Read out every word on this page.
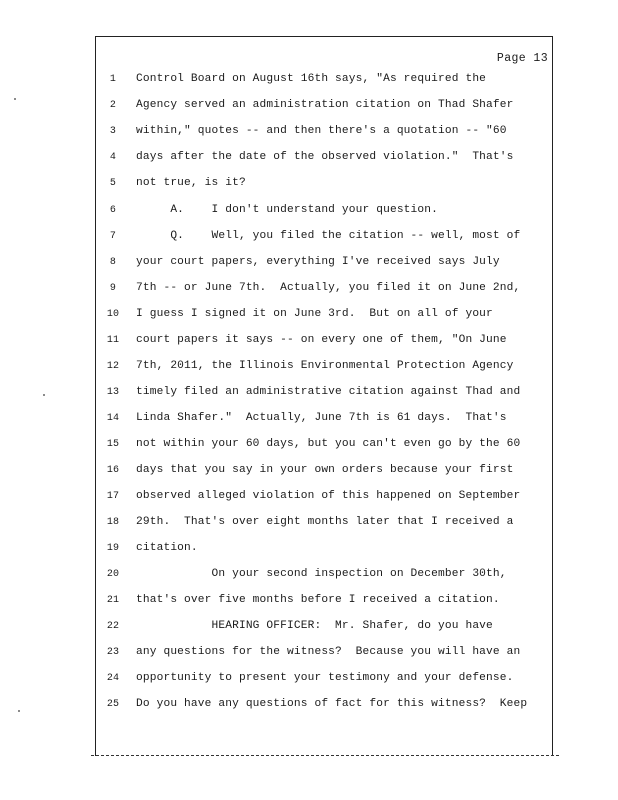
Page 13
1	Control Board on August 16th says, "As required the
2	Agency served an administration citation on Thad Shafer
3	within," quotes -- and then there's a quotation -- "60
4	days after the date of the observed violation."  That's
5	not true, is it?
6	A.    I don't understand your question.
7	Q.    Well, you filed the citation -- well, most of
8	your court papers, everything I've received says July
9	7th -- or June 7th.  Actually, you filed it on June 2nd,
10	I guess I signed it on June 3rd.  But on all of your
11	court papers it says -- on every one of them, "On June
12	7th, 2011, the Illinois Environmental Protection Agency
13	timely filed an administrative citation against Thad and
14	Linda Shafer."  Actually, June 7th is 61 days.  That's
15	not within your 60 days, but you can't even go by the 60
16	days that you say in your own orders because your first
17	observed alleged violation of this happened on September
18	29th.  That's over eight months later that I received a
19	citation.
20	On your second inspection on December 30th,
21	that's over five months before I received a citation.
22	HEARING OFFICER:  Mr. Shafer, do you have
23	any questions for the witness?  Because you will have an
24	opportunity to present your testimony and your defense.
25	Do you have any questions of fact for this witness?  Keep
